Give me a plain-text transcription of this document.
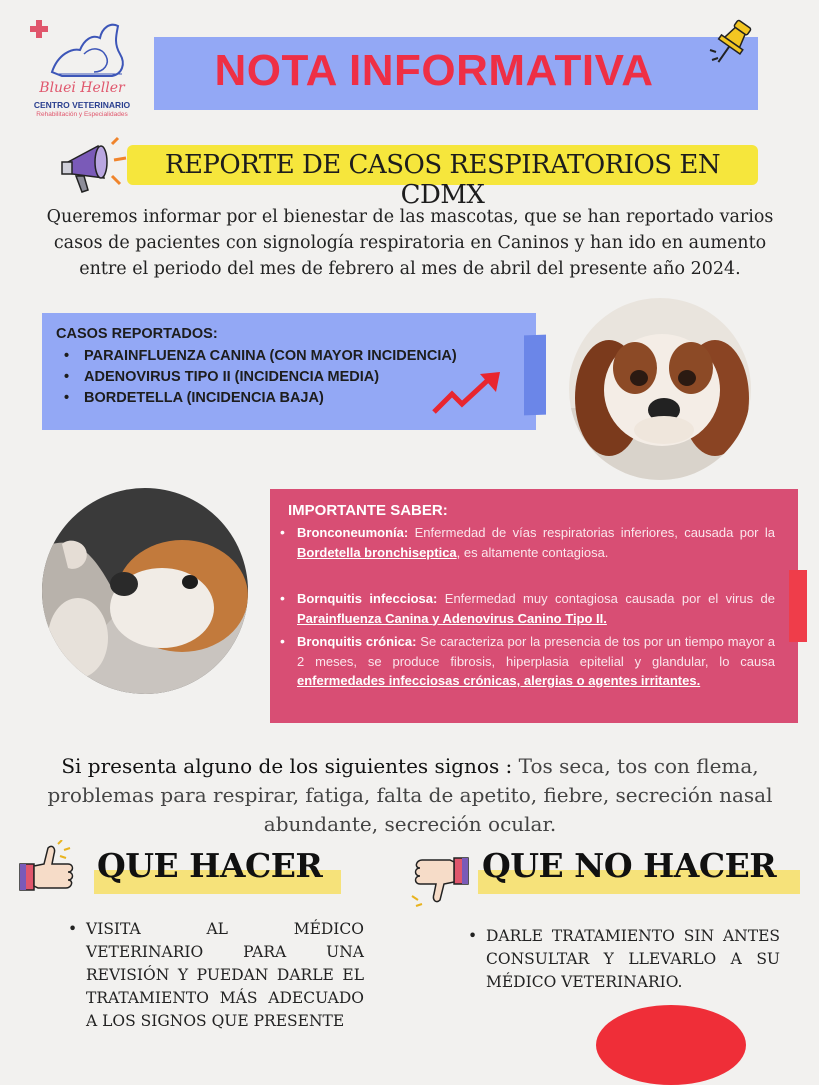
Bluei Heller
CENTRO VETERINARIO
Rehabilitación y Especialidades
NOTA INFORMATIVA
REPORTE DE CASOS RESPIRATORIOS EN CDMX
Queremos informar por el bienestar de las mascotas, que se han reportado varios casos de pacientes con signología respiratoria en Caninos y han ido en aumento entre el periodo del mes de febrero al mes de abril del presente año 2024.
CASOS REPORTADOS:
• PARAINFLUENZA CANINA (CON MAYOR INCIDENCIA)
• ADENOVIRUS TIPO II (INCIDENCIA MEDIA)
• BORDETELLA (INCIDENCIA BAJA)
IMPORTANTE SABER:
• Bronconeumonía: Enfermedad de vías respiratorias inferiores, causada por la Bordetella bronchiseptica, es altamente contagiosa.
• Bornquitis infecciosa: Enfermedad muy contagiosa causada por el virus de Parainfluenza Canina y Adenovirus Canino Tipo II.
• Bronquitis crónica: Se caracteriza por la presencia de tos por un tiempo mayor a 2 meses, se produce fibrosis, hiperplasia epitelial y glandular, lo causa enfermedades infecciosas crónicas, alergias o agentes irritantes.
Si presenta alguno de los siguientes signos : Tos seca, tos con flema, problemas para respirar, fatiga, falta de apetito, fiebre, secreción nasal abundante, secreción ocular.
QUE HACER
• VISITA AL MÉDICO VETERINARIO PARA UNA REVISIÓN Y PUEDAN DARLE EL TRATAMIENTO MÁS ADECUADO A LOS SIGNOS QUE PRESENTE
QUE NO HACER
• DARLE TRATAMIENTO SIN ANTES CONSULTAR Y LLEVARLO A SU MÉDICO VETERINARIO.
